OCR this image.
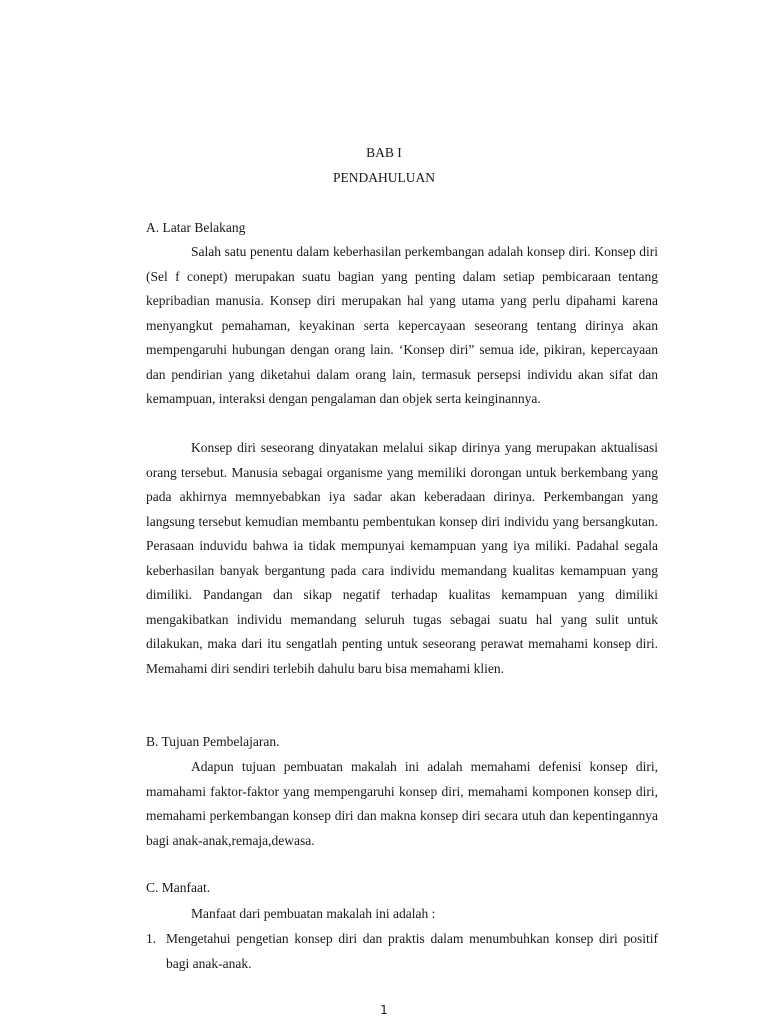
BAB I
PENDAHULUAN
A. Latar Belakang

Salah satu penentu dalam keberhasilan perkembangan adalah konsep diri. Konsep diri (Sel f conept) merupakan suatu bagian yang penting dalam setiap pembicaraan tentang kepribadian manusia. Konsep diri merupakan hal yang utama yang perlu dipahami karena menyangkut pemahaman, keyakinan serta kepercayaan seseorang tentang dirinya akan mempengaruhi hubungan dengan orang lain. ‘Konsep diri” semua ide, pikiran, kepercayaan dan pendirian yang diketahui dalam orang lain, termasuk persepsi individu akan sifat dan kemampuan, interaksi dengan pengalaman dan objek serta keinginannya.

Konsep diri seseorang dinyatakan melalui sikap dirinya yang merupakan aktualisasi orang tersebut. Manusia sebagai organisme yang memiliki dorongan untuk berkembang yang pada akhirnya memnyebabkan iya sadar akan keberadaan dirinya. Perkembangan yang langsung tersebut kemudian membantu pembentukan konsep diri individu yang bersangkutan. Perasaan induvidu bahwa ia tidak mempunyai kemampuan yang iya miliki. Padahal segala keberhasilan banyak bergantung pada cara individu memandang kualitas kemampuan yang dimiliki. Pandangan dan sikap negatif terhadap kualitas kemampuan yang dimiliki mengakibatkan individu memandang seluruh tugas sebagai suatu hal yang sulit untuk dilakukan, maka dari itu sengatlah penting untuk seseorang perawat memahami konsep diri. Memahami diri sendiri terlebih dahulu baru bisa memahami klien.

B. Tujuan Pembelajaran.

Adapun tujuan pembuatan makalah ini adalah memahami defenisi konsep diri, mamahami faktor-faktor yang mempengaruhi konsep diri, memahami komponen konsep diri, memahami perkembangan konsep diri dan makna konsep diri secara utuh dan kepentingannya bagi anak-anak,remaja,dewasa.

C. Manfaat.

Manfaat dari pembuatan makalah ini adalah :

1. Mengetahui pengetian konsep diri dan praktis dalam menumbuhkan konsep diri positif bagi anak-anak.
1
